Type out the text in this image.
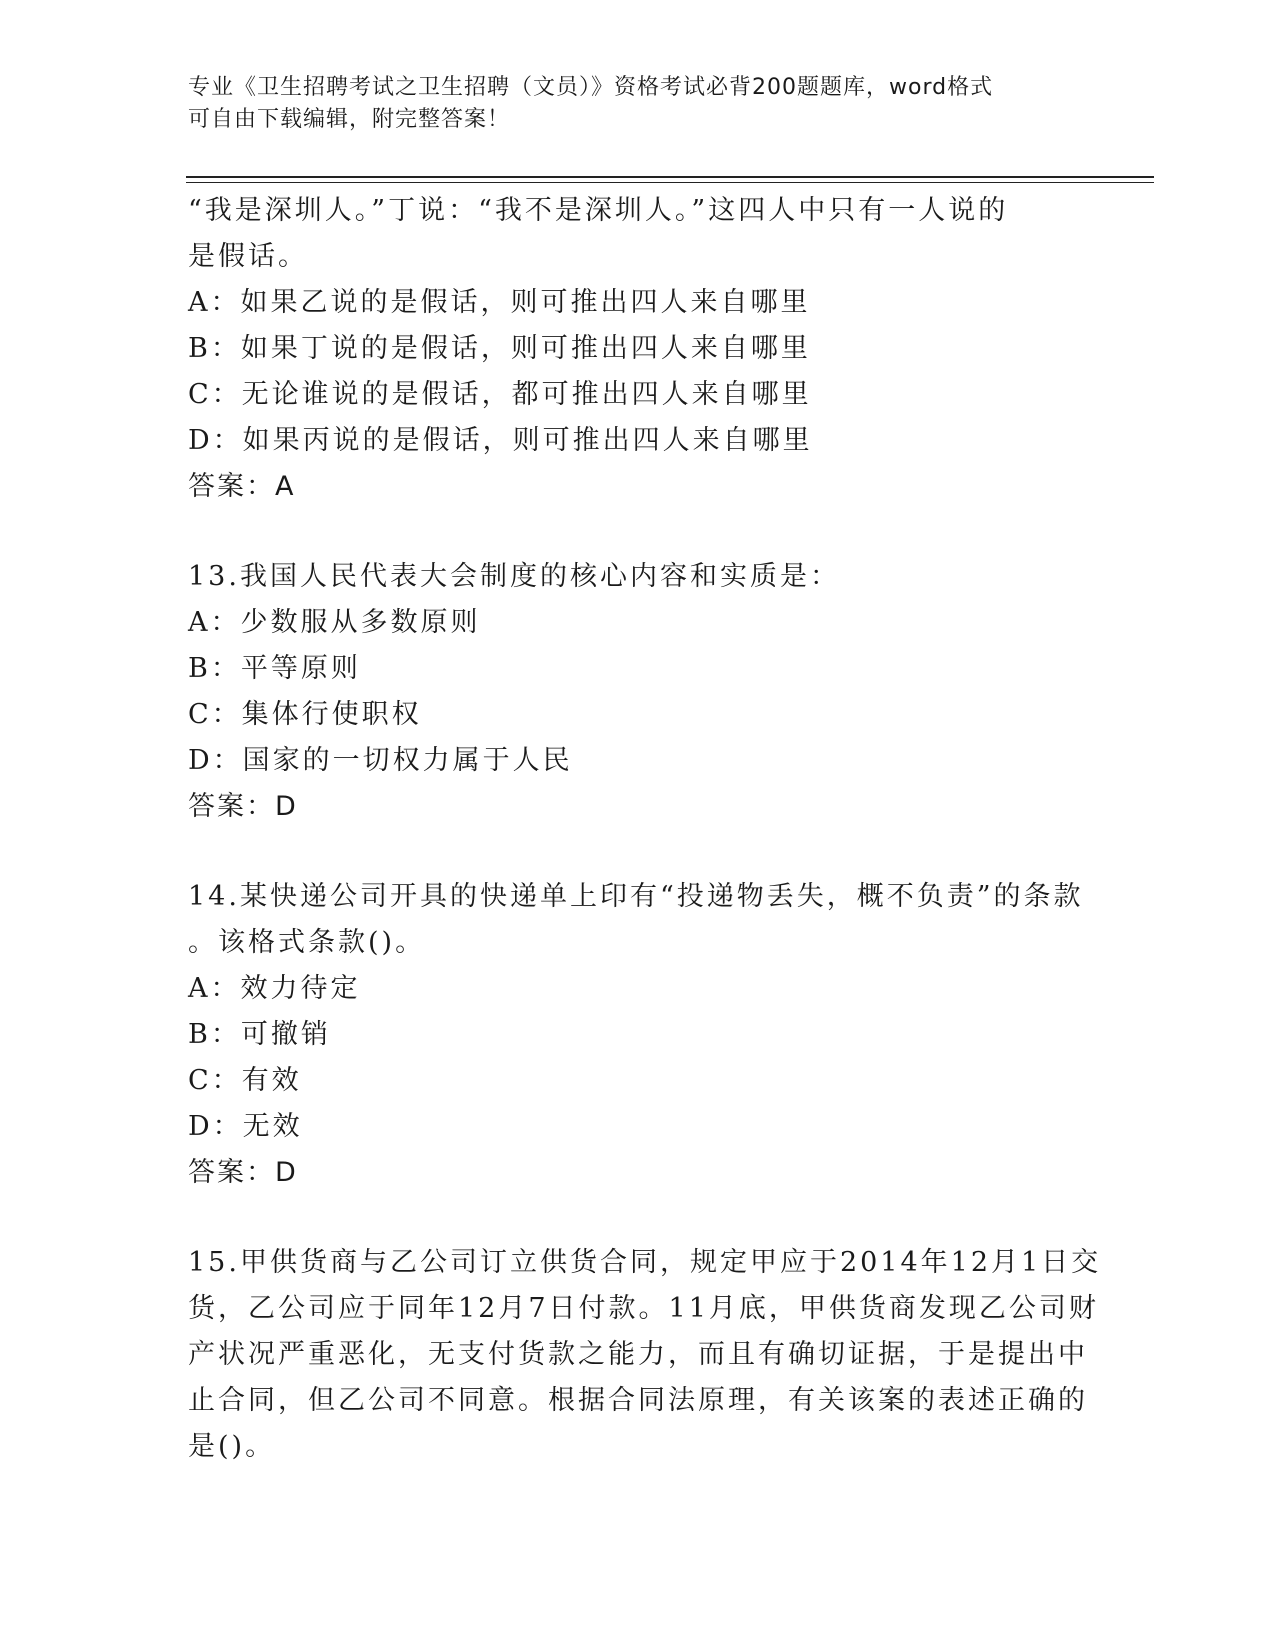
专业《卫生招聘考试之卫生招聘（文员）》资格考试必背200题题库，word格式
可自由下载编辑，附完整答案！
“我是深圳人。”丁说：“我不是深圳人。”这四人中只有一人说的
是假话。
A：如果乙说的是假话，则可推出四人来自哪里
B：如果丁说的是假话，则可推出四人来自哪里
C：无论谁说的是假话，都可推出四人来自哪里
D：如果丙说的是假话，则可推出四人来自哪里
答案：A
13.我国人民代表大会制度的核心内容和实质是：
A：少数服从多数原则
B：平等原则
C：集体行使职权
D：国家的一切权力属于人民
答案：D
14.某快递公司开具的快递单上印有“投递物丢失，概不负责”的条款
。该格式条款()。
A：效力待定
B：可撤销
C：有效
D：无效
答案：D
15.甲供货商与乙公司订立供货合同，规定甲应于2014年12月1日交
货，乙公司应于同年12月7日付款。11月底，甲供货商发现乙公司财
产状况严重恶化，无支付货款之能力，而且有确切证据，于是提出中
止合同，但乙公司不同意。根据合同法原理，有关该案的表述正确的
是()。
